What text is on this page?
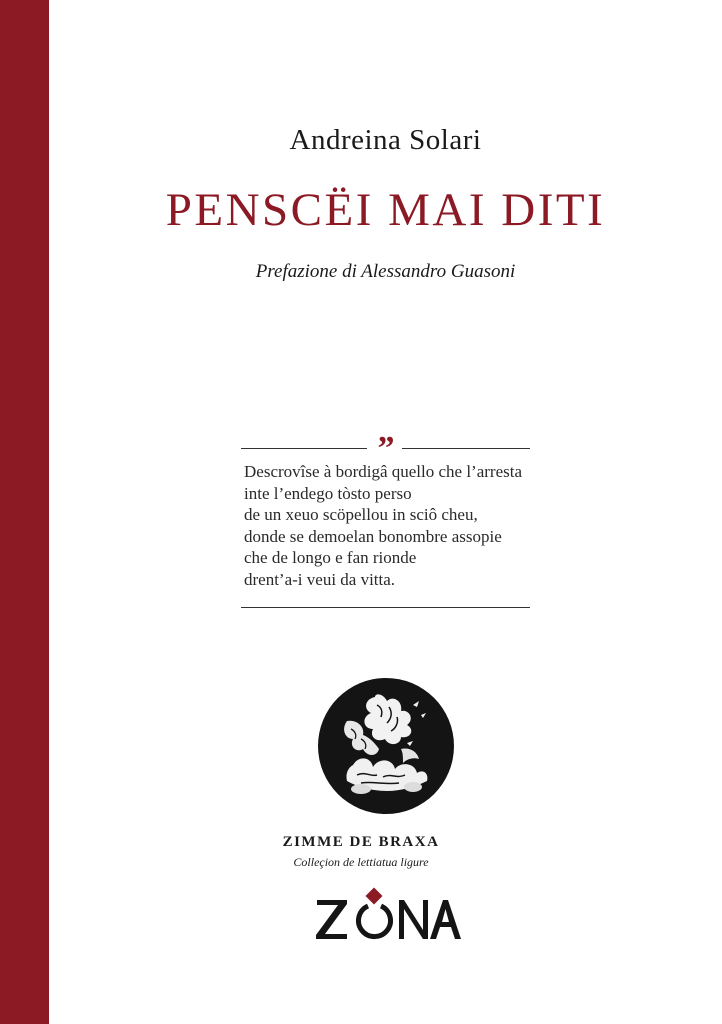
Andreina Solari
PENSCËI MAI DITI
Prefazione di Alessandro Guasoni
”

Descrovîse à bordigâ quello che l’arresta
inte l’endego tòsto perso
de un xeuo scöpellou in sciô cheu,
donde se demoelan bonombre assopie
che de longo e fan rionde
drent’a-i veui da vitta.

ZIMME DE BRAXA
Colleçion de lettiatua ligure
